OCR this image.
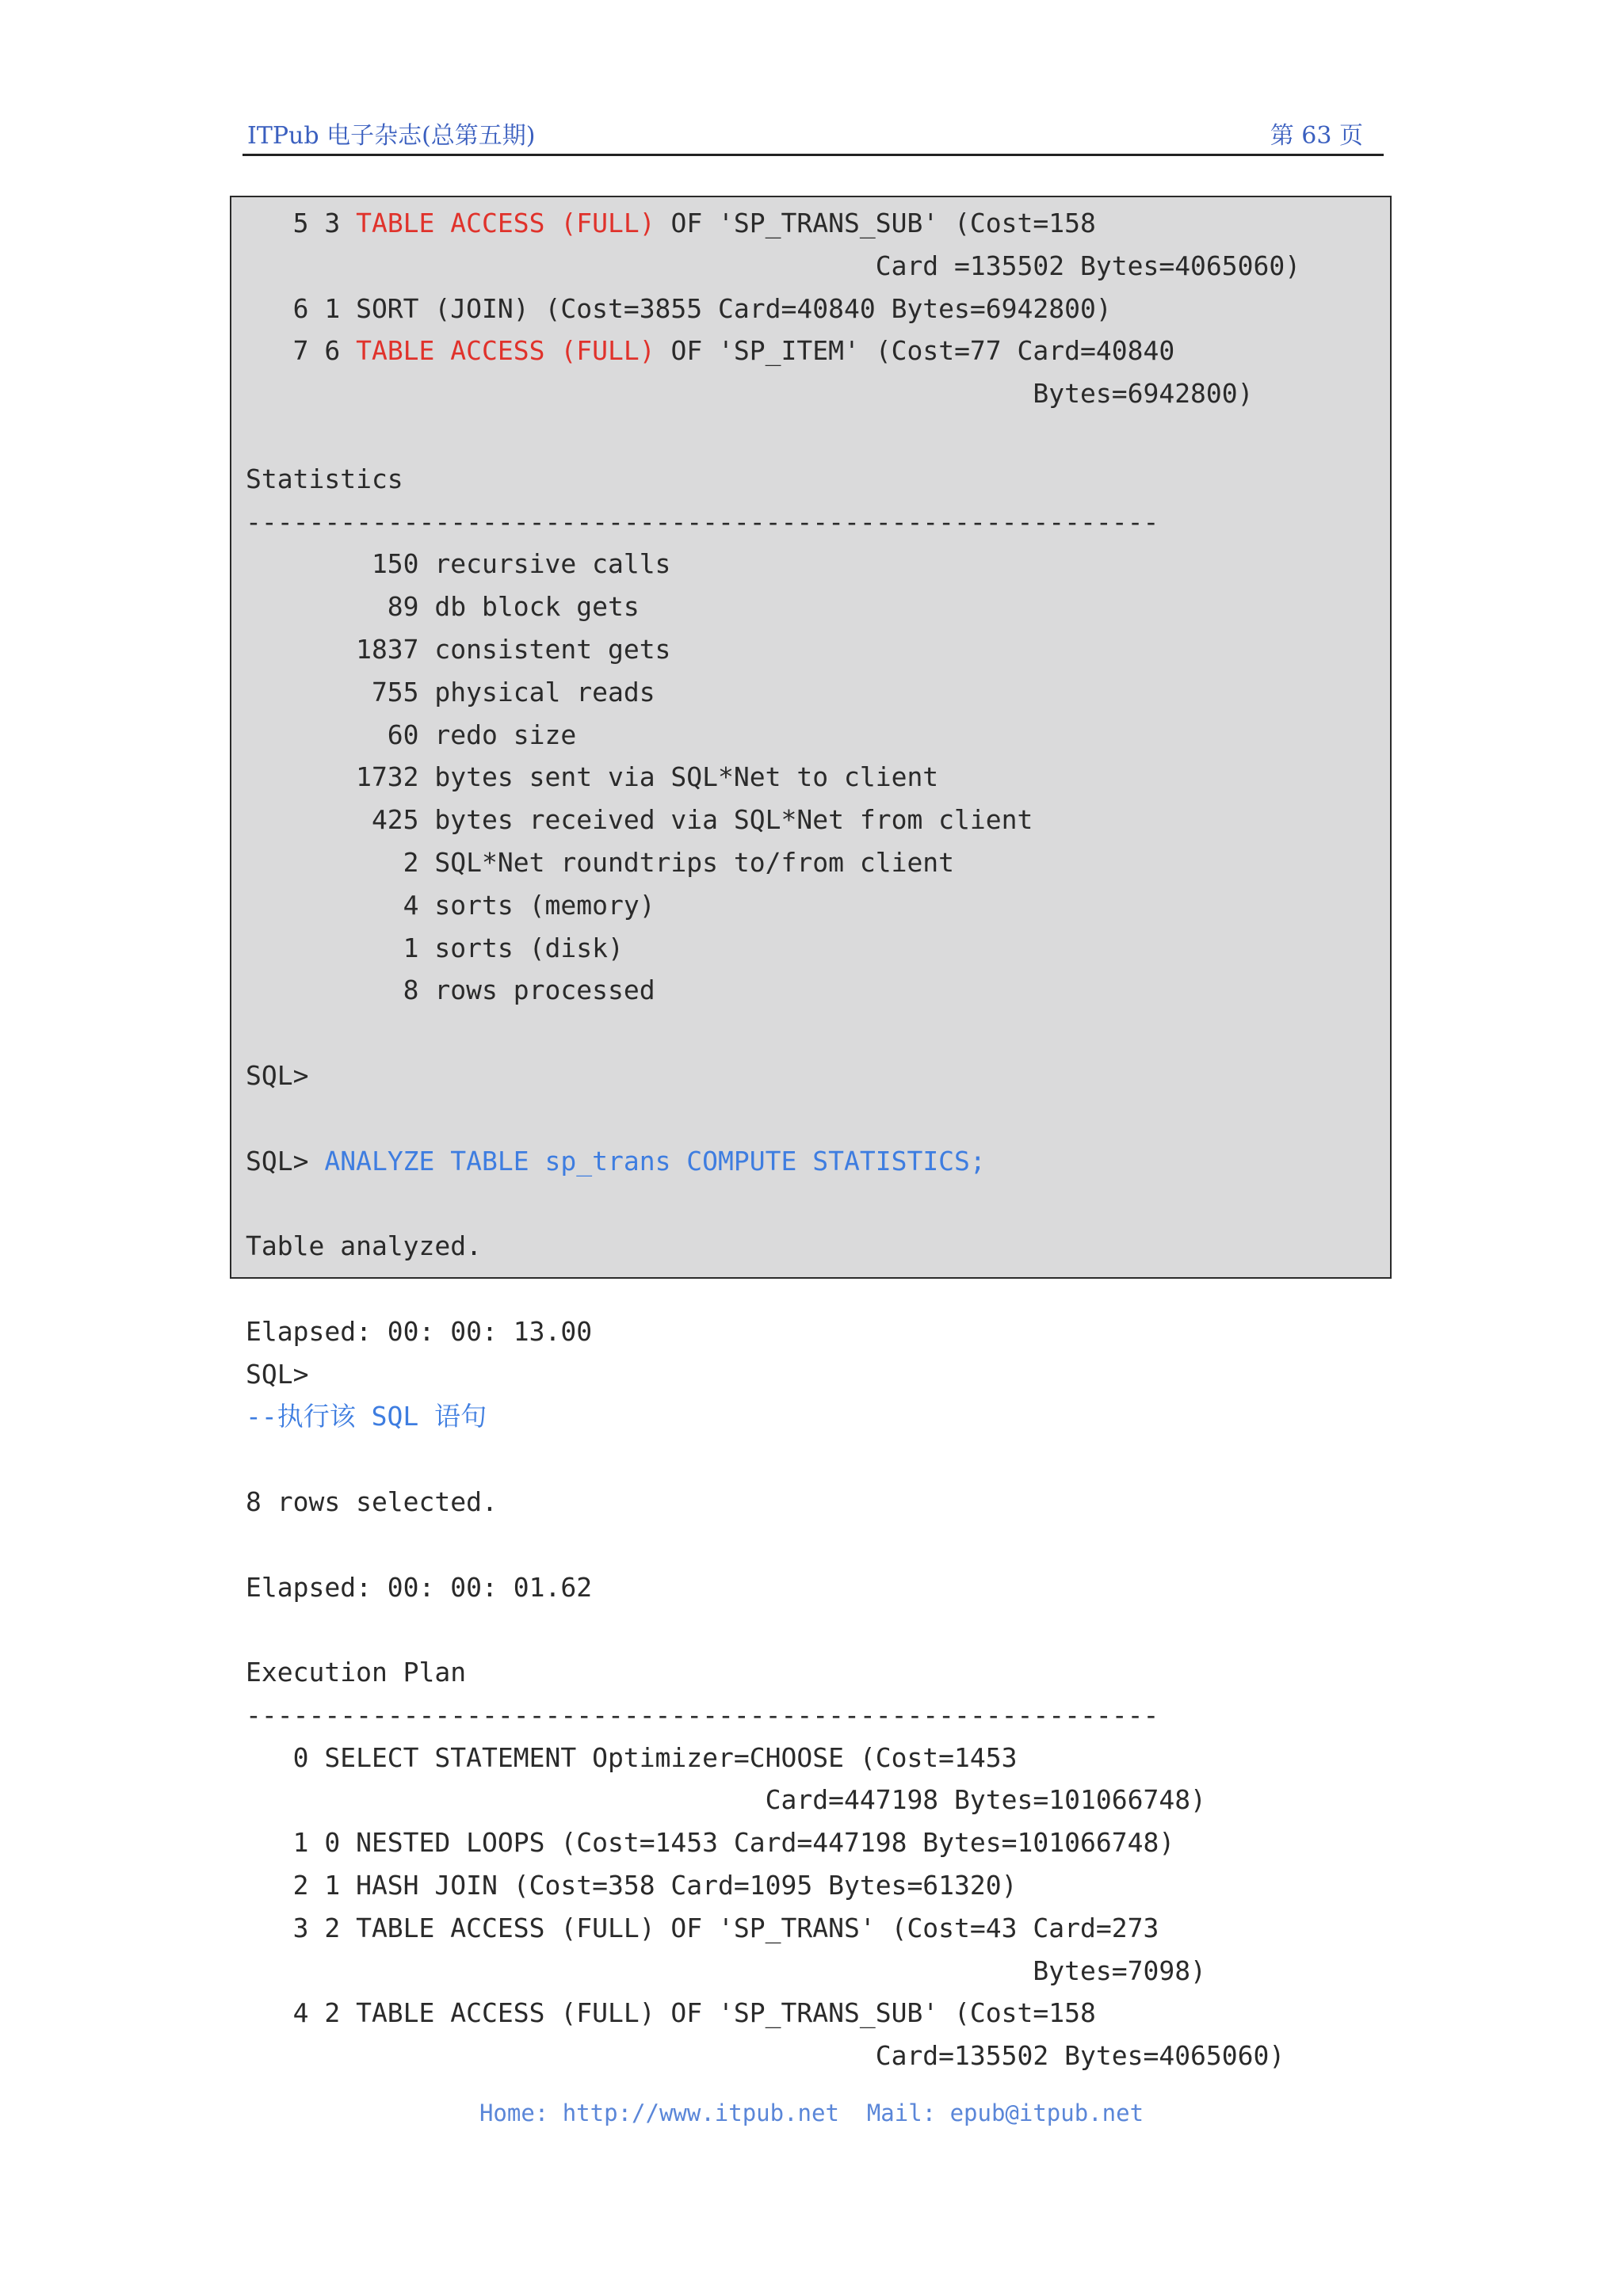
ITPub 电子杂志(总第五期)	第 63 页
5 3 TABLE ACCESS (FULL) OF 'SP_TRANS_SUB' (Cost=158
Card =135502 Bytes=4065060)
6 1 SORT (JOIN) (Cost=3855 Card=40840 Bytes=6942800)
7 6 TABLE ACCESS (FULL) OF 'SP_ITEM' (Cost=77 Card=40840
Bytes=6942800)

Statistics
----------------------------------------------------------
150 recursive calls
89 db block gets
1837 consistent gets
755 physical reads
60 redo size
1732 bytes sent via SQL*Net to client
425 bytes received via SQL*Net from client
2 SQL*Net roundtrips to/from client
4 sorts (memory)
1 sorts (disk)
8 rows processed

SQL>

SQL> ANALYZE TABLE sp_trans COMPUTE STATISTICS;

Table analyzed.

Elapsed: 00: 00: 13.00
SQL>
--执行该 SQL 语句

8 rows selected.

Elapsed: 00: 00: 01.62

Execution Plan
----------------------------------------------------------
0 SELECT STATEMENT Optimizer=CHOOSE (Cost=1453
Card=447198 Bytes=101066748)
1 0 NESTED LOOPS (Cost=1453 Card=447198 Bytes=101066748)
2 1 HASH JOIN (Cost=358 Card=1095 Bytes=61320)
3 2 TABLE ACCESS (FULL) OF 'SP_TRANS' (Cost=43 Card=273
Bytes=7098)
4 2 TABLE ACCESS (FULL) OF 'SP_TRANS_SUB' (Cost=158
Card=135502 Bytes=4065060)
Home: http://www.itpub.net  Mail: epub@itpub.net
